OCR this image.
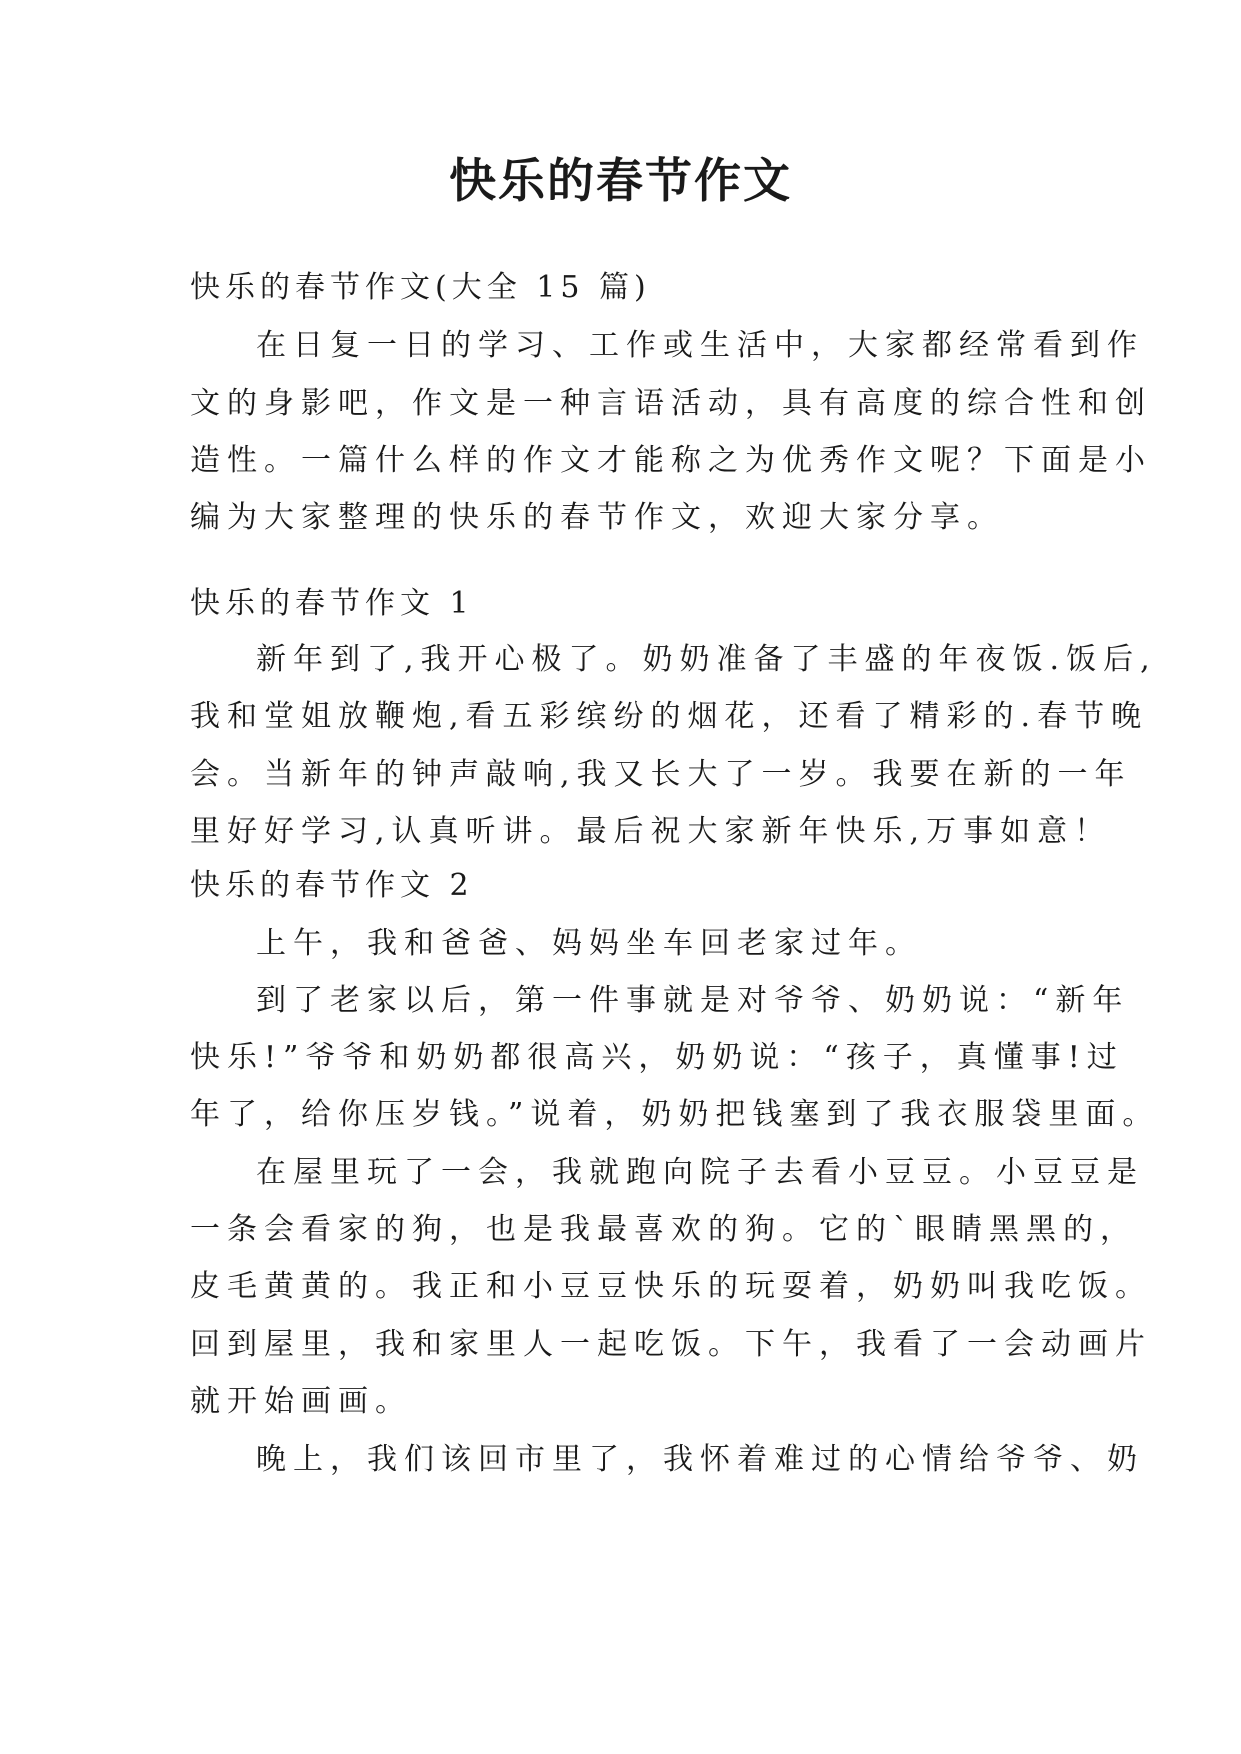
快乐的春节作文
快乐的春节作文(大全 15 篇)
在日复一日的学习、工作或生活中，大家都经常看到作
文的身影吧，作文是一种言语活动，具有高度的综合性和创
造性。一篇什么样的作文才能称之为优秀作文呢？下面是小
编为大家整理的快乐的春节作文，欢迎大家分享。
快乐的春节作文 1
新年到了,我开心极了。奶奶准备了丰盛的年夜饭.饭后,
我和堂姐放鞭炮,看五彩缤纷的烟花，还看了精彩的.春节晚
会。当新年的钟声敲响,我又长大了一岁。我要在新的一年
里好好学习,认真听讲。最后祝大家新年快乐,万事如意！
快乐的春节作文 2
上午，我和爸爸、妈妈坐车回老家过年。
到了老家以后，第一件事就是对爷爷、奶奶说：“新年
快乐!”爷爷和奶奶都很高兴，奶奶说：“孩子，真懂事!过
年了，给你压岁钱。”说着，奶奶把钱塞到了我衣服袋里面。
在屋里玩了一会，我就跑向院子去看小豆豆。小豆豆是
一条会看家的狗，也是我最喜欢的狗。它的`眼睛黑黑的，
皮毛黄黄的。我正和小豆豆快乐的玩耍着，奶奶叫我吃饭。
回到屋里，我和家里人一起吃饭。下午，我看了一会动画片
就开始画画。
晚上，我们该回市里了，我怀着难过的心情给爷爷、奶
